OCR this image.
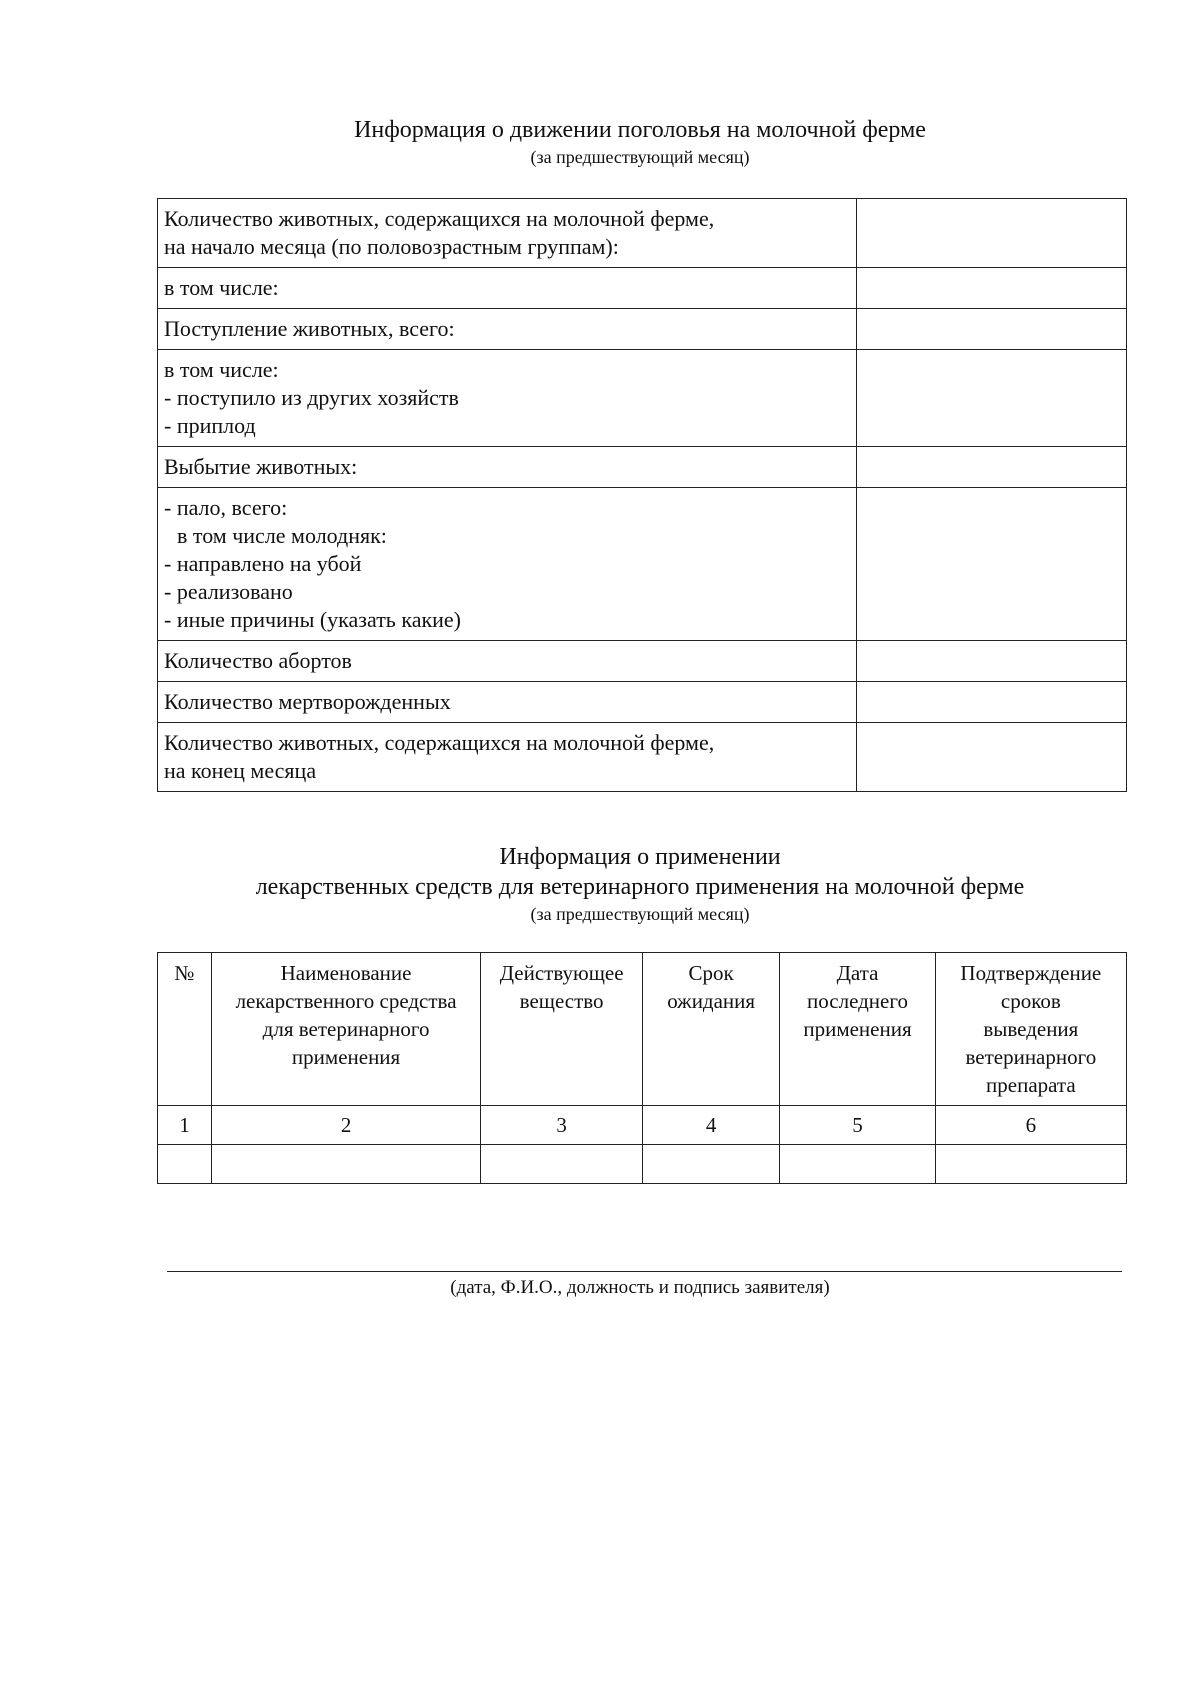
Информация о движении поголовья на молочной ферме
(за предшествующий месяц)
Количество животных, содержащихся на молочной ферме,
на начало месяца (по половозрастным группам):	

в том числе:	

Поступление животных, всего:	

в том числе:
- поступило из других хозяйств
- приплод	

Выбытие животных:	

- пало, всего:
в том числе молодняк:
- направлено на убой
- реализовано
- иные причины (указать какие)	

Количество абортов	

Количество мертворожденных	

Количество животных, содержащихся на молочной ферме,
на конец месяца	

Информация о применении
лекарственных средств для ветеринарного применения на молочной ферме
(за предшествующий месяц)
№	Наименование
лекарственного средства
для ветеринарного
применения	Действующее
вещество	Срок
ожидания	Дата
последнего
применения	Подтверждение
сроков
выведения
ветеринарного
препарата

1	2	3	4	5	6

(дата, Ф.И.О., должность и подпись заявителя)
